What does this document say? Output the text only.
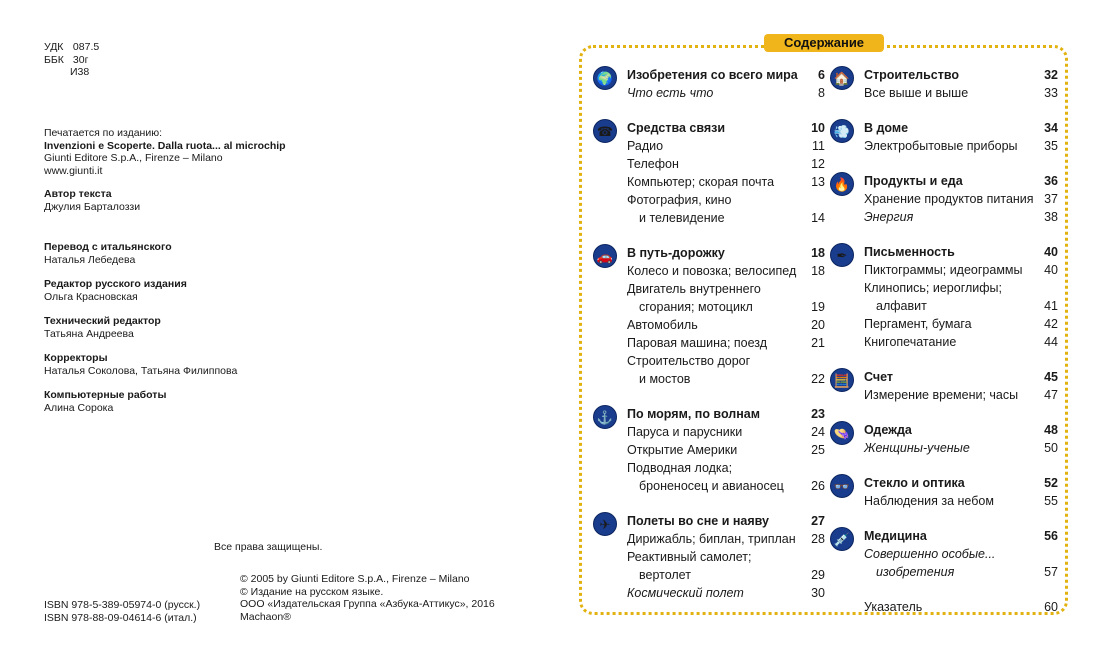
УДК 087.5
ББК 30г
И38
Печатается по изданию:
Invenzioni e Scoperte. Dalla ruota... al microchip
Giunti Editore S.p.A., Firenze – Milano
www.giunti.it
Автор текста
Джулия Барталоззи
Перевод с итальянского
Наталья Лебедева
Редактор русского издания
Ольга Красновская
Технический редактор
Татьяна Андреева
Корректоры
Наталья Соколова, Татьяна Филиппова
Компьютерные работы
Алина Сорока
Все права защищены.
© 2005 by Giunti Editore S.p.A., Firenze – Milano
© Издание на русском языке.
ООО «Издательская Группа «Азбука-Аттикус», 2016
Machaon®
ISBN 978-5-389-05974-0 (русск.)
ISBN 978-88-09-04614-6 (итал.)
Содержание
🌍	Изобретения со всего мира	6
Что есть что	8
☎	Средства связи	10
Радио	11
Телефон	12
Компьютер; скорая почта	13
Фотография, кино
и телевидение	14
🚗	В путь-дорожку	18
Колесо и повозка; велосипед	18
Двигатель внутреннего
сгорания; мотоцикл	19
Автомобиль	20
Паровая машина; поезд	21
Строительство дорог
и мостов	22
⚓	По морям, по волнам	23
Паруса и парусники	24
Открытие Америки	25
Подводная лодка;
броненосец и авианосец	26
✈	Полеты во сне и наяву	27
Дирижабль; биплан, триплан	28
Реактивный самолет;
вертолет	29
Космический полет	30
🏠	Строительство	32
Все выше и выше	33
💨	В доме	34
Электробытовые приборы	35
🔥	Продукты и еда	36
Хранение продуктов питания 37
Энергия	38
✒	Письменность	40
Пиктограммы; идеограммы	40
Клинопись; иероглифы;
алфавит	41
Пергамент, бумага	42
Книгопечатание	44
🧮	Счет	45
Измерение времени; часы	47
👒	Одежда	48
Женщины-ученые	50
👓	Стекло и оптика	52
Наблюдения за небом	55
💉	Медицина	56
Совершенно особые...
изобретения	57
Указатель	60
